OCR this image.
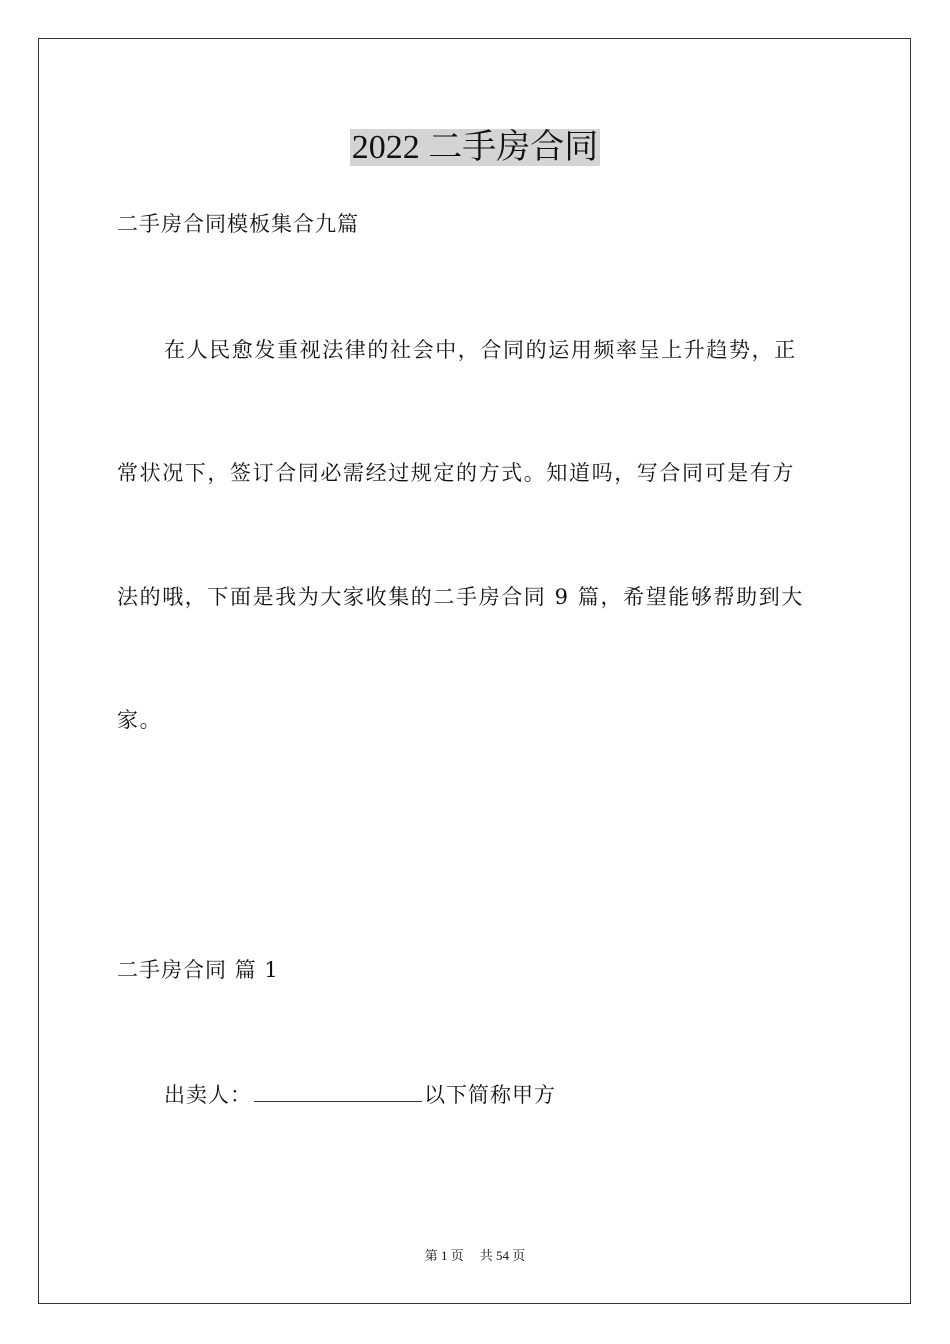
2022 二手房合同
二手房合同模板集合九篇
在人民愈发重视法律的社会中，合同的运用频率呈上升趋势，正
常状况下，签订合同必需经过规定的方式。知道吗，写合同可是有方
法的哦，下面是我为大家收集的二手房合同 9 篇，希望能够帮助到大
家。
二手房合同 篇 1
出卖人：	以下简称甲方
第 1 页 共 54 页
